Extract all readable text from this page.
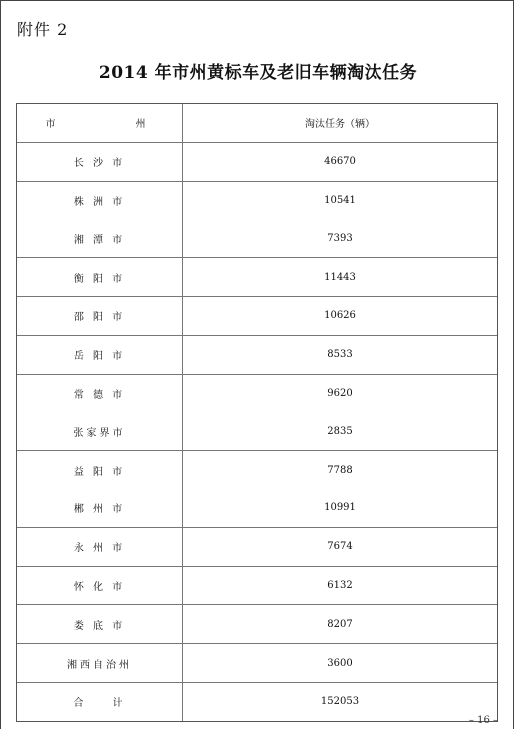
附件 2
2014 年市州黄标车及老旧车辆淘汰任务
市　　　　州	淘汰任务（辆）
长 沙 市	46670
株 洲 市	10541
湘 潭 市	7393
衡 阳 市	11443
邵 阳 市	10626
岳 阳 市	8533
常 德 市	9620
张家界市	2835
益 阳 市	7788
郴 州 市	10991
永 州 市	7674
怀 化 市	6132
娄 底 市	8207
湘西自治州	3600
合　　计	152053
– 16 –
